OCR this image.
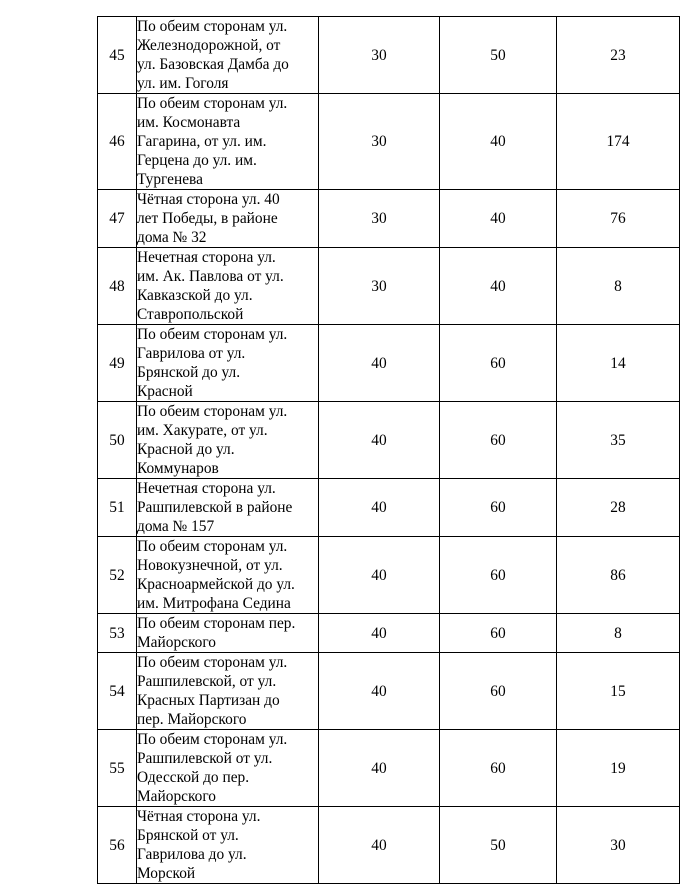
45	По обеим сторонам ул.
Железнодорожной, от
ул. Базовская Дамба до
ул. им. Гоголя	30	50	23
46	По обеим сторонам ул.
им. Космонавта
Гагарина, от ул. им.
Герцена до ул. им.
Тургенева	30	40	174
47	Чётная сторона ул. 40
лет Победы, в районе
дома № 32	30	40	76
48	Нечетная сторона ул.
им. Ак. Павлова от ул.
Кавказской до ул.
Ставропольской	30	40	8
49	По обеим сторонам ул.
Гаврилова от ул.
Брянской до ул.
Красной	40	60	14
50	По обеим сторонам ул.
им. Хакурате, от ул.
Красной до ул.
Коммунаров	40	60	35
51	Нечетная сторона ул.
Рашпилевской в районе
дома № 157	40	60	28
52	По обеим сторонам ул.
Новокузнечной, от ул.
Красноармейской до ул.
им. Митрофана Седина	40	60	86
53	По обеим сторонам пер.
Майорского	40	60	8
54	По обеим сторонам ул.
Рашпилевской, от ул.
Красных Партизан до
пер. Майорского	40	60	15
55	По обеим сторонам ул.
Рашпилевской от ул.
Одесской до пер.
Майорского	40	60	19
56	Чётная сторона ул.
Брянской от ул.
Гаврилова до ул.
Морской	40	50	30
